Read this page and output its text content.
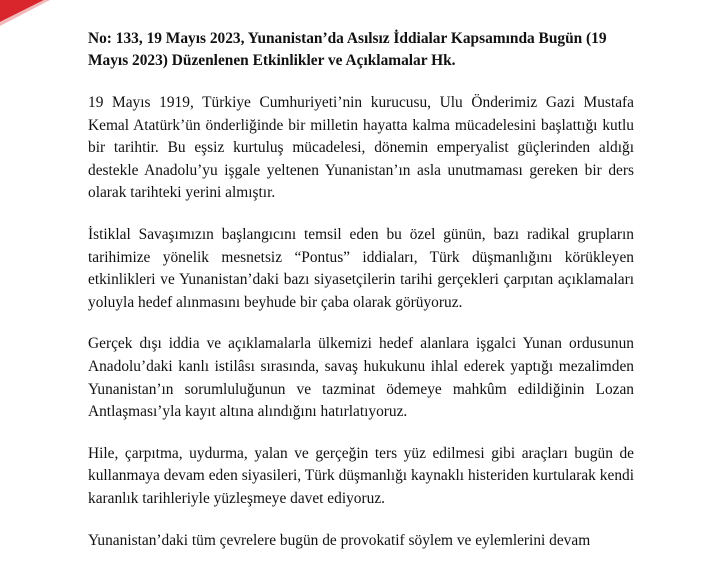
No: 133, 19 Mayıs 2023, Yunanistan’da Asılsız İddialar Kapsamında Bugün (19 Mayıs 2023) Düzenlenen Etkinlikler ve Açıklamalar Hk.

19 Mayıs 1919, Türkiye Cumhuriyeti’nin kurucusu, Ulu Önderimiz Gazi Mustafa Kemal Atatürk’ün önderliğinde bir milletin hayatta kalma mücadelesini başlattığı kutlu bir tarihtir. Bu eşsiz kurtuluş mücadelesi, dönemin emperyalist güçlerinden aldığı destekle Anadolu’yu işgale yeltenen Yunanistan’ın asla unutmaması gereken bir ders olarak tarihteki yerini almıştır.

İstiklal Savaşımızın başlangıcını temsil eden bu özel günün, bazı radikal grupların tarihimize yönelik mesnetsiz “Pontus” iddiaları, Türk düşmanlığını körükleyen etkinlikleri ve Yunanistan’daki bazı siyasetçilerin tarihi gerçekleri çarpıtan açıklamaları yoluyla hedef alınmasını beyhude bir çaba olarak görüyoruz.

Gerçek dışı iddia ve açıklamalarla ülkemizi hedef alanlara işgalci Yunan ordusunun Anadolu’daki kanlı istilâsı sırasında, savaş hukukunu ihlal ederek yaptığı mezalimden Yunanistan’ın sorumluluğunun ve tazminat ödemeye mahkûm edildiğinin Lozan Antlaşması’yla kayıt altına alındığını hatırlatıyoruz.

Hile, çarpıtma, uydurma, yalan ve gerçeğin ters yüz edilmesi gibi araçları bugün de kullanmaya devam eden siyasileri, Türk düşmanlığı kaynaklı histeriden kurtularak kendi karanlık tarihleriyle yüzleşmeye davet ediyoruz.

Yunanistan’daki tüm çevrelere bugün de provokatif söylem ve eylemlerini devam
